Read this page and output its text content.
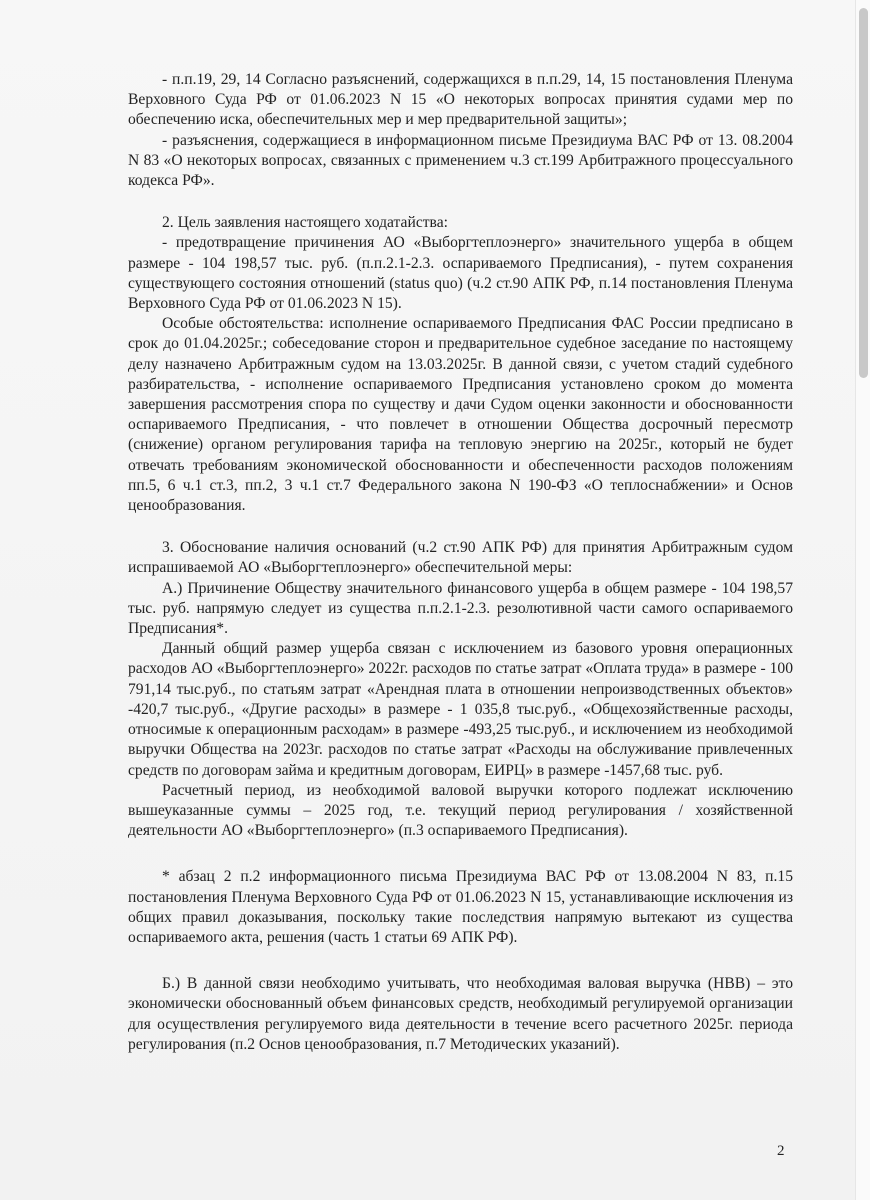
- п.п.19, 29, 14 Согласно разъяснений, содержащихся в п.п.29, 14, 15 постановления Пленума Верховного Суда РФ от 01.06.2023 N 15 «О некоторых вопросах принятия судами мер по обеспечению иска, обеспечительных мер и мер предварительной защиты»;

- разъяснения, содержащиеся в информационном письме Президиума ВАС РФ от 13. 08.2004 N 83 «О некоторых вопросах, связанных с применением ч.3 ст.199 Арбитражного процессуального кодекса РФ».

2. Цель заявления настоящего ходатайства:

- предотвращение причинения АО «Выборгтеплоэнерго» значительного ущерба в общем размере - 104 198,57 тыс. руб. (п.п.2.1-2.3. оспариваемого Предписания), - путем сохранения существующего состояния отношений (status quo) (ч.2 ст.90 АПК РФ, п.14 постановления Пленума Верховного Суда РФ от 01.06.2023 N 15).

Особые обстоятельства: исполнение оспариваемого Предписания ФАС России предписано в срок до 01.04.2025г.; собеседование сторон и предварительное судебное заседание по настоящему делу назначено Арбитражным судом на 13.03.2025г. В данной связи, с учетом стадий судебного разбирательства, - исполнение оспариваемого Предписания установлено сроком до момента завершения рассмотрения спора по существу и дачи Судом оценки законности и обоснованности оспариваемого Предписания, - что повлечет в отношении Общества досрочный пересмотр (снижение) органом регулирования тарифа на тепловую энергию на 2025г., который не будет отвечать требованиям экономической обоснованности и обеспеченности расходов положениям пп.5, 6 ч.1 ст.3, пп.2, 3 ч.1 ст.7 Федерального закона N 190-ФЗ «О теплоснабжении» и Основ ценообразования.

3. Обоснование наличия оснований (ч.2 ст.90 АПК РФ) для принятия Арбитражным судом испрашиваемой АО «Выборгтеплоэнерго» обеспечительной меры:

А.) Причинение Обществу значительного финансового ущерба в общем размере - 104 198,57 тыс. руб. напрямую следует из существа п.п.2.1-2.3. резолютивной части самого оспариваемого Предписания*.

Данный общий размер ущерба связан с исключением из базового уровня операционных расходов АО «Выборгтеплоэнерго» 2022г. расходов по статье затрат «Оплата труда» в размере - 100 791,14 тыс.руб., по статьям затрат «Арендная плата в отношении непроизводственных объектов» -420,7 тыс.руб., «Другие расходы» в размере - 1 035,8 тыс.руб., «Общехозяйственные расходы, относимые к операционным расходам» в размере -493,25 тыс.руб., и исключением из необходимой выручки Общества на 2023г. расходов по статье затрат «Расходы на обслуживание привлеченных средств по договорам займа и кредитным договорам, ЕИРЦ» в размере -1457,68 тыс. руб.

Расчетный период, из необходимой валовой выручки которого подлежат исключению вышеуказанные суммы – 2025 год, т.е. текущий период регулирования / хозяйственной деятельности АО «Выборгтеплоэнерго» (п.3 оспариваемого Предписания).

* абзац 2 п.2 информационного письма Президиума ВАС РФ от 13.08.2004 N 83, п.15 постановления Пленума Верховного Суда РФ от 01.06.2023 N 15, устанавливающие исключения из общих правил доказывания, поскольку такие последствия напрямую вытекают из существа оспариваемого акта, решения (часть 1 статьи 69 АПК РФ).

Б.) В данной связи необходимо учитывать, что необходимая валовая выручка (НВВ) – это экономически обоснованный объем финансовых средств, необходимый регулируемой организации для осуществления регулируемого вида деятельности в течение всего расчетного 2025г. периода регулирования (п.2 Основ ценообразования, п.7 Методических указаний).

2
